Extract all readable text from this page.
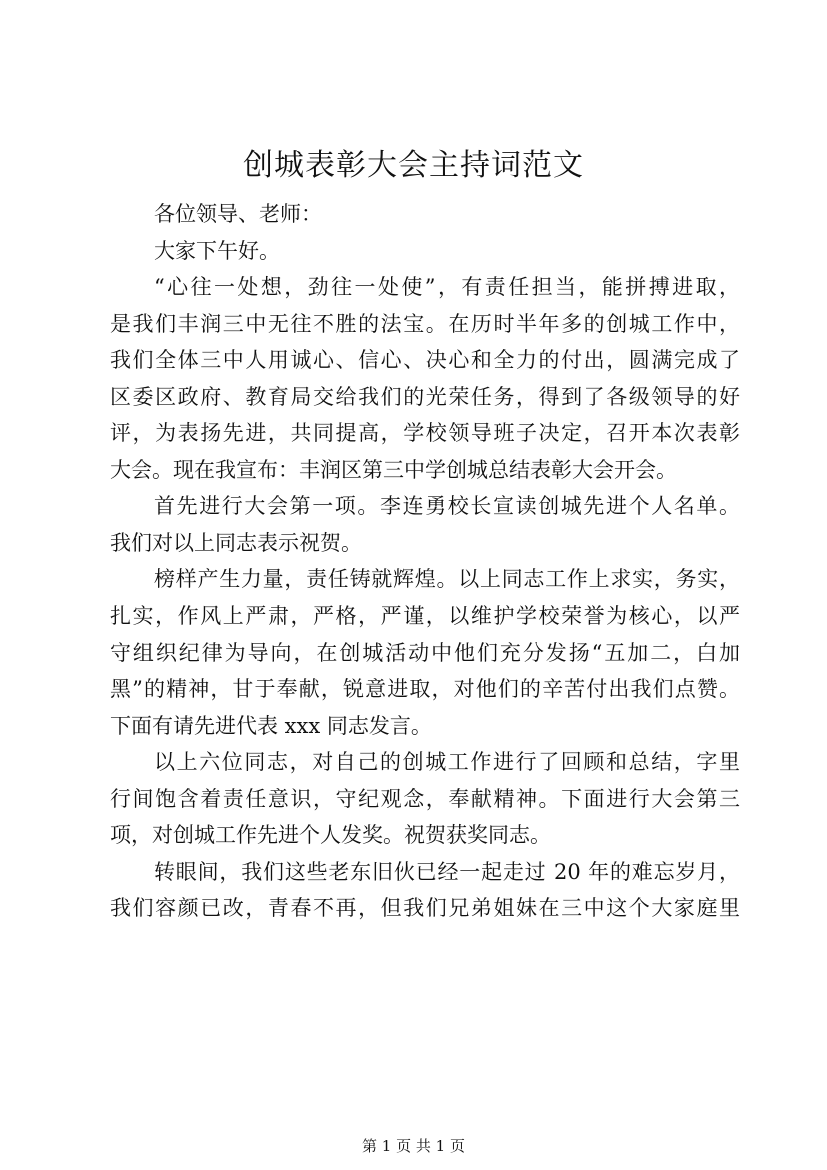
创城表彰大会主持词范文
各位领导、老师：
大家下午好。
“心往一处想，劲往一处使”，有责任担当，能拼搏进取，
是我们丰润三中无往不胜的法宝。在历时半年多的创城工作中，
我们全体三中人用诚心、信心、决心和全力的付出，圆满完成了
区委区政府、教育局交给我们的光荣任务，得到了各级领导的好
评，为表扬先进，共同提高，学校领导班子决定，召开本次表彰
大会。现在我宣布：丰润区第三中学创城总结表彰大会开会。
首先进行大会第一项。李连勇校长宣读创城先进个人名单。
我们对以上同志表示祝贺。
榜样产生力量，责任铸就辉煌。以上同志工作上求实，务实，
扎实，作风上严肃，严格，严谨，以维护学校荣誉为核心，以严
守组织纪律为导向，在创城活动中他们充分发扬“五加二，白加
黑”的精神，甘于奉献，锐意进取，对他们的辛苦付出我们点赞。
下面有请先进代表 xxx 同志发言。
以上六位同志，对自己的创城工作进行了回顾和总结，字里
行间饱含着责任意识，守纪观念，奉献精神。下面进行大会第三
项，对创城工作先进个人发奖。祝贺获奖同志。
转眼间，我们这些老东旧伙已经一起走过 20 年的难忘岁月，
我们容颜已改，青春不再，但我们兄弟姐妹在三中这个大家庭里
第 1 页 共 1 页
